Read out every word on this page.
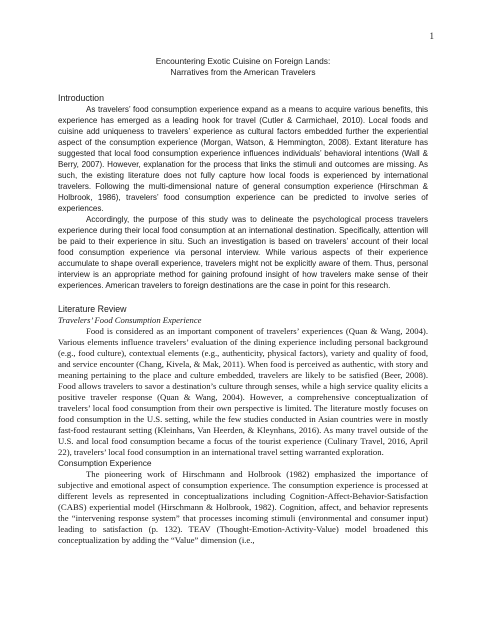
1
Encountering Exotic Cuisine on Foreign Lands:
Narratives from the American Travelers
Introduction

As travelers’ food consumption experience expand as a means to acquire various benefits, this experience has emerged as a leading hook for travel (Cutler & Carmichael, 2010). Local foods and cuisine add uniqueness to travelers’ experience as cultural factors embedded further the experiential aspect of the consumption experience (Morgan, Watson, & Hemmington, 2008). Extant literature has suggested that local food consumption experience influences individuals’ behavioral intentions (Wall & Berry, 2007). However, explanation for the process that links the stimuli and outcomes are missing. As such, the existing literature does not fully capture how local foods is experienced by international travelers. Following the multi-dimensional nature of general consumption experience (Hirschman & Holbrook, 1986), travelers’ food consumption experience can be predicted to involve series of experiences.

Accordingly, the purpose of this study was to delineate the psychological process travelers experience during their local food consumption at an international destination. Specifically, attention will be paid to their experience in situ. Such an investigation is based on travelers’ account of their local food consumption experience via personal interview. While various aspects of their experience accumulate to shape overall experience, travelers might not be explicitly aware of them. Thus, personal interview is an appropriate method for gaining profound insight of how travelers make sense of their experiences. American travelers to foreign destinations are the case in point for this research.

Literature Review
Travelers’ Food Consumption Experience

Food is considered as an important component of travelers’ experiences (Quan & Wang, 2004). Various elements influence travelers’ evaluation of the dining experience including personal background (e.g., food culture), contextual elements (e.g., authenticity, physical factors), variety and quality of food, and service encounter (Chang, Kivela, & Mak, 2011). When food is perceived as authentic, with story and meaning pertaining to the place and culture embedded, travelers are likely to be satisfied (Beer, 2008). Food allows travelers to savor a destination’s culture through senses, while a high service quality elicits a positive traveler response (Quan & Wang, 2004). However, a comprehensive conceptualization of travelers’ local food consumption from their own perspective is limited. The literature mostly focuses on food consumption in the U.S. setting, while the few studies conducted in Asian countries were in mostly fast-food restaurant setting (Kleinhans, Van Heerden, & Kleynhans, 2016). As many travel outside of the U.S. and local food consumption became a focus of the tourist experience (Culinary Travel, 2016, April 22), travelers’ local food consumption in an international travel setting warranted exploration.

Consumption Experience

The pioneering work of Hirschmann and Holbrook (1982) emphasized the importance of subjective and emotional aspect of consumption experience. The consumption experience is processed at different levels as represented in conceptualizations including Cognition-Affect-Behavior-Satisfaction (CABS) experiential model (Hirschmann & Holbrook, 1982). Cognition, affect, and behavior represents the “intervening response system” that processes incoming stimuli (environmental and consumer input) leading to satisfaction (p. 132). TEAV (Thought-Emotion-Activity-Value) model broadened this conceptualization by adding the “Value” dimension (i.e.,
